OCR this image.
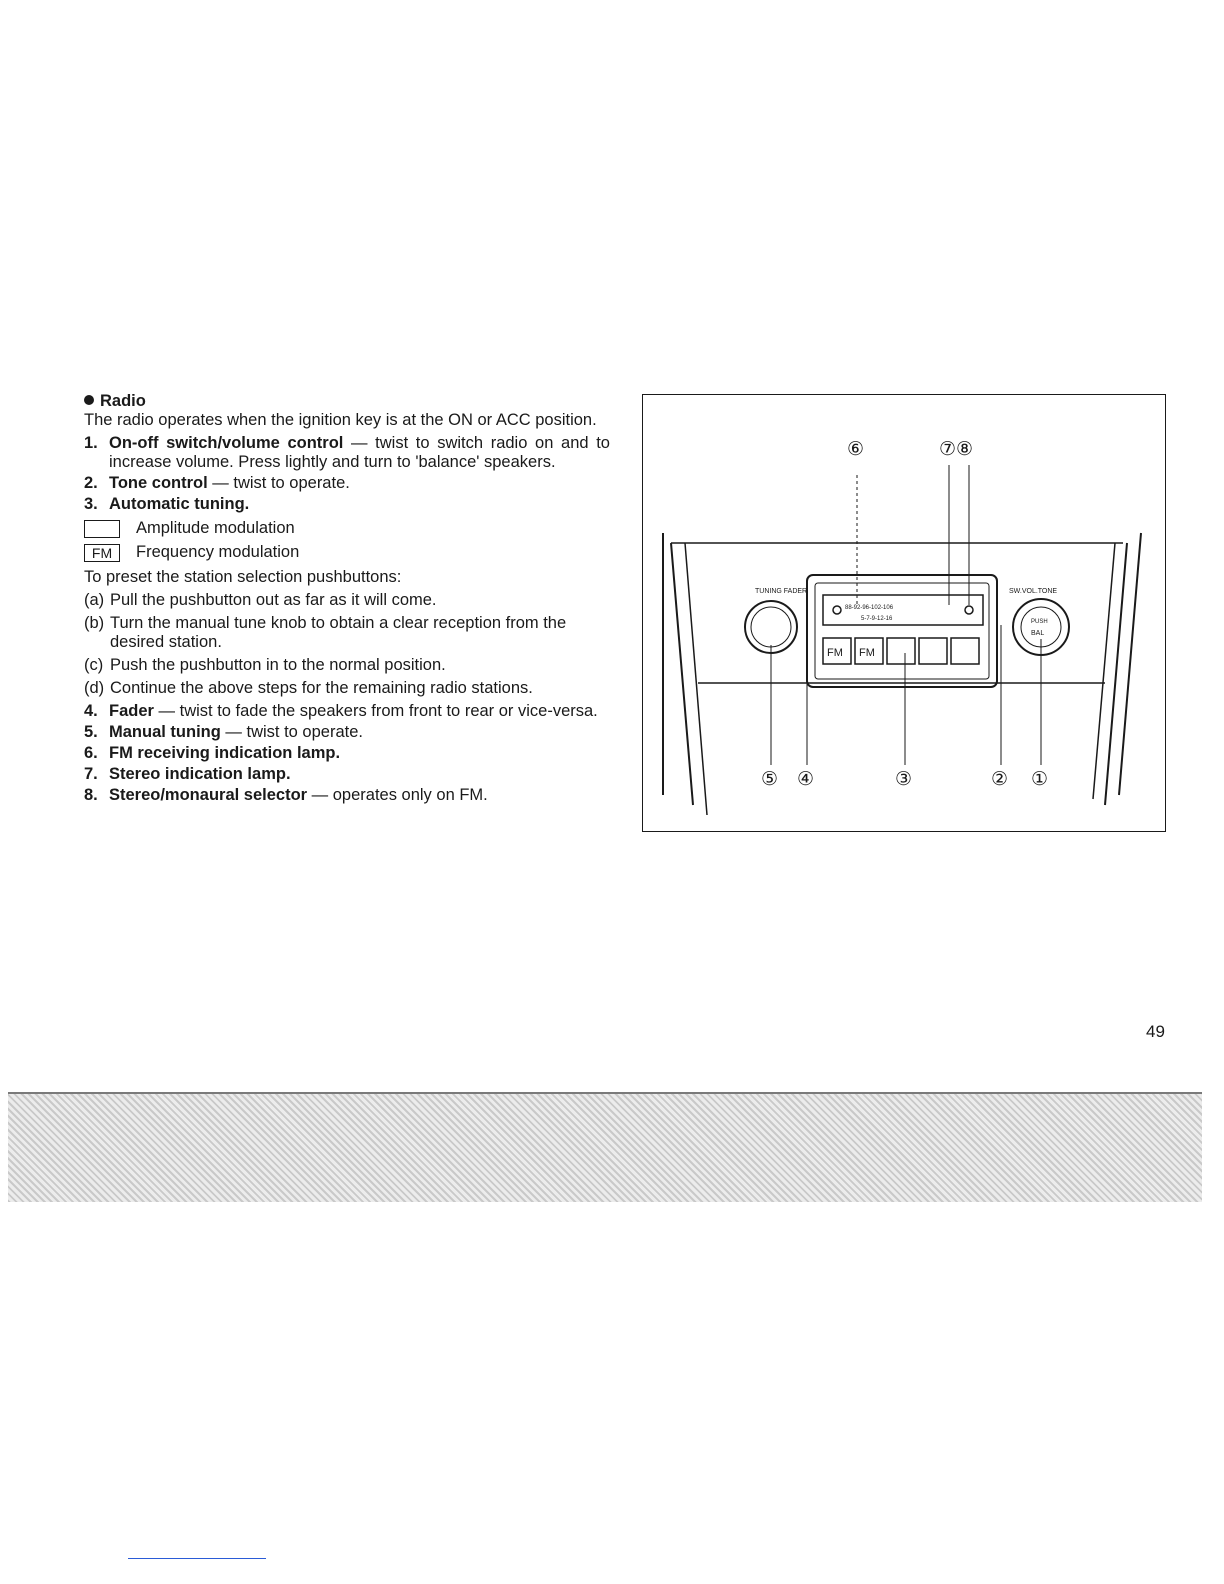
Radio

The radio operates when the ignition key is at the ON or ACC position.

1. On-off switch/volume control — twist to switch radio on and to increase volume. Press lightly and turn to 'balance' speakers.
2. Tone control — twist to operate.
3. Automatic tuning.
Amplitude modulation
FM	Frequency modulation
To preset the station selection pushbuttons:
(a) Pull the pushbutton out as far as it will come.
(b) Turn the manual tune knob to obtain a clear reception from the desired station.
(c) Push the pushbutton in to the normal position.
(d) Continue the above steps for the remaining radio stations.
4. Fader — twist to fade the speakers from front to rear or vice-versa.
5. Manual tuning — twist to operate.
6. FM receiving indication lamp.
7. Stereo indication lamp.
8. Stereo/monaural selector — operates only on FM.
88-92-96-102-106
5-7-9-12-16
FM FM
TUNING FADER	SW.VOL.TONE
PUSH
BAL
⑥	⑦⑧
⑤ ④	③	② ①
49
